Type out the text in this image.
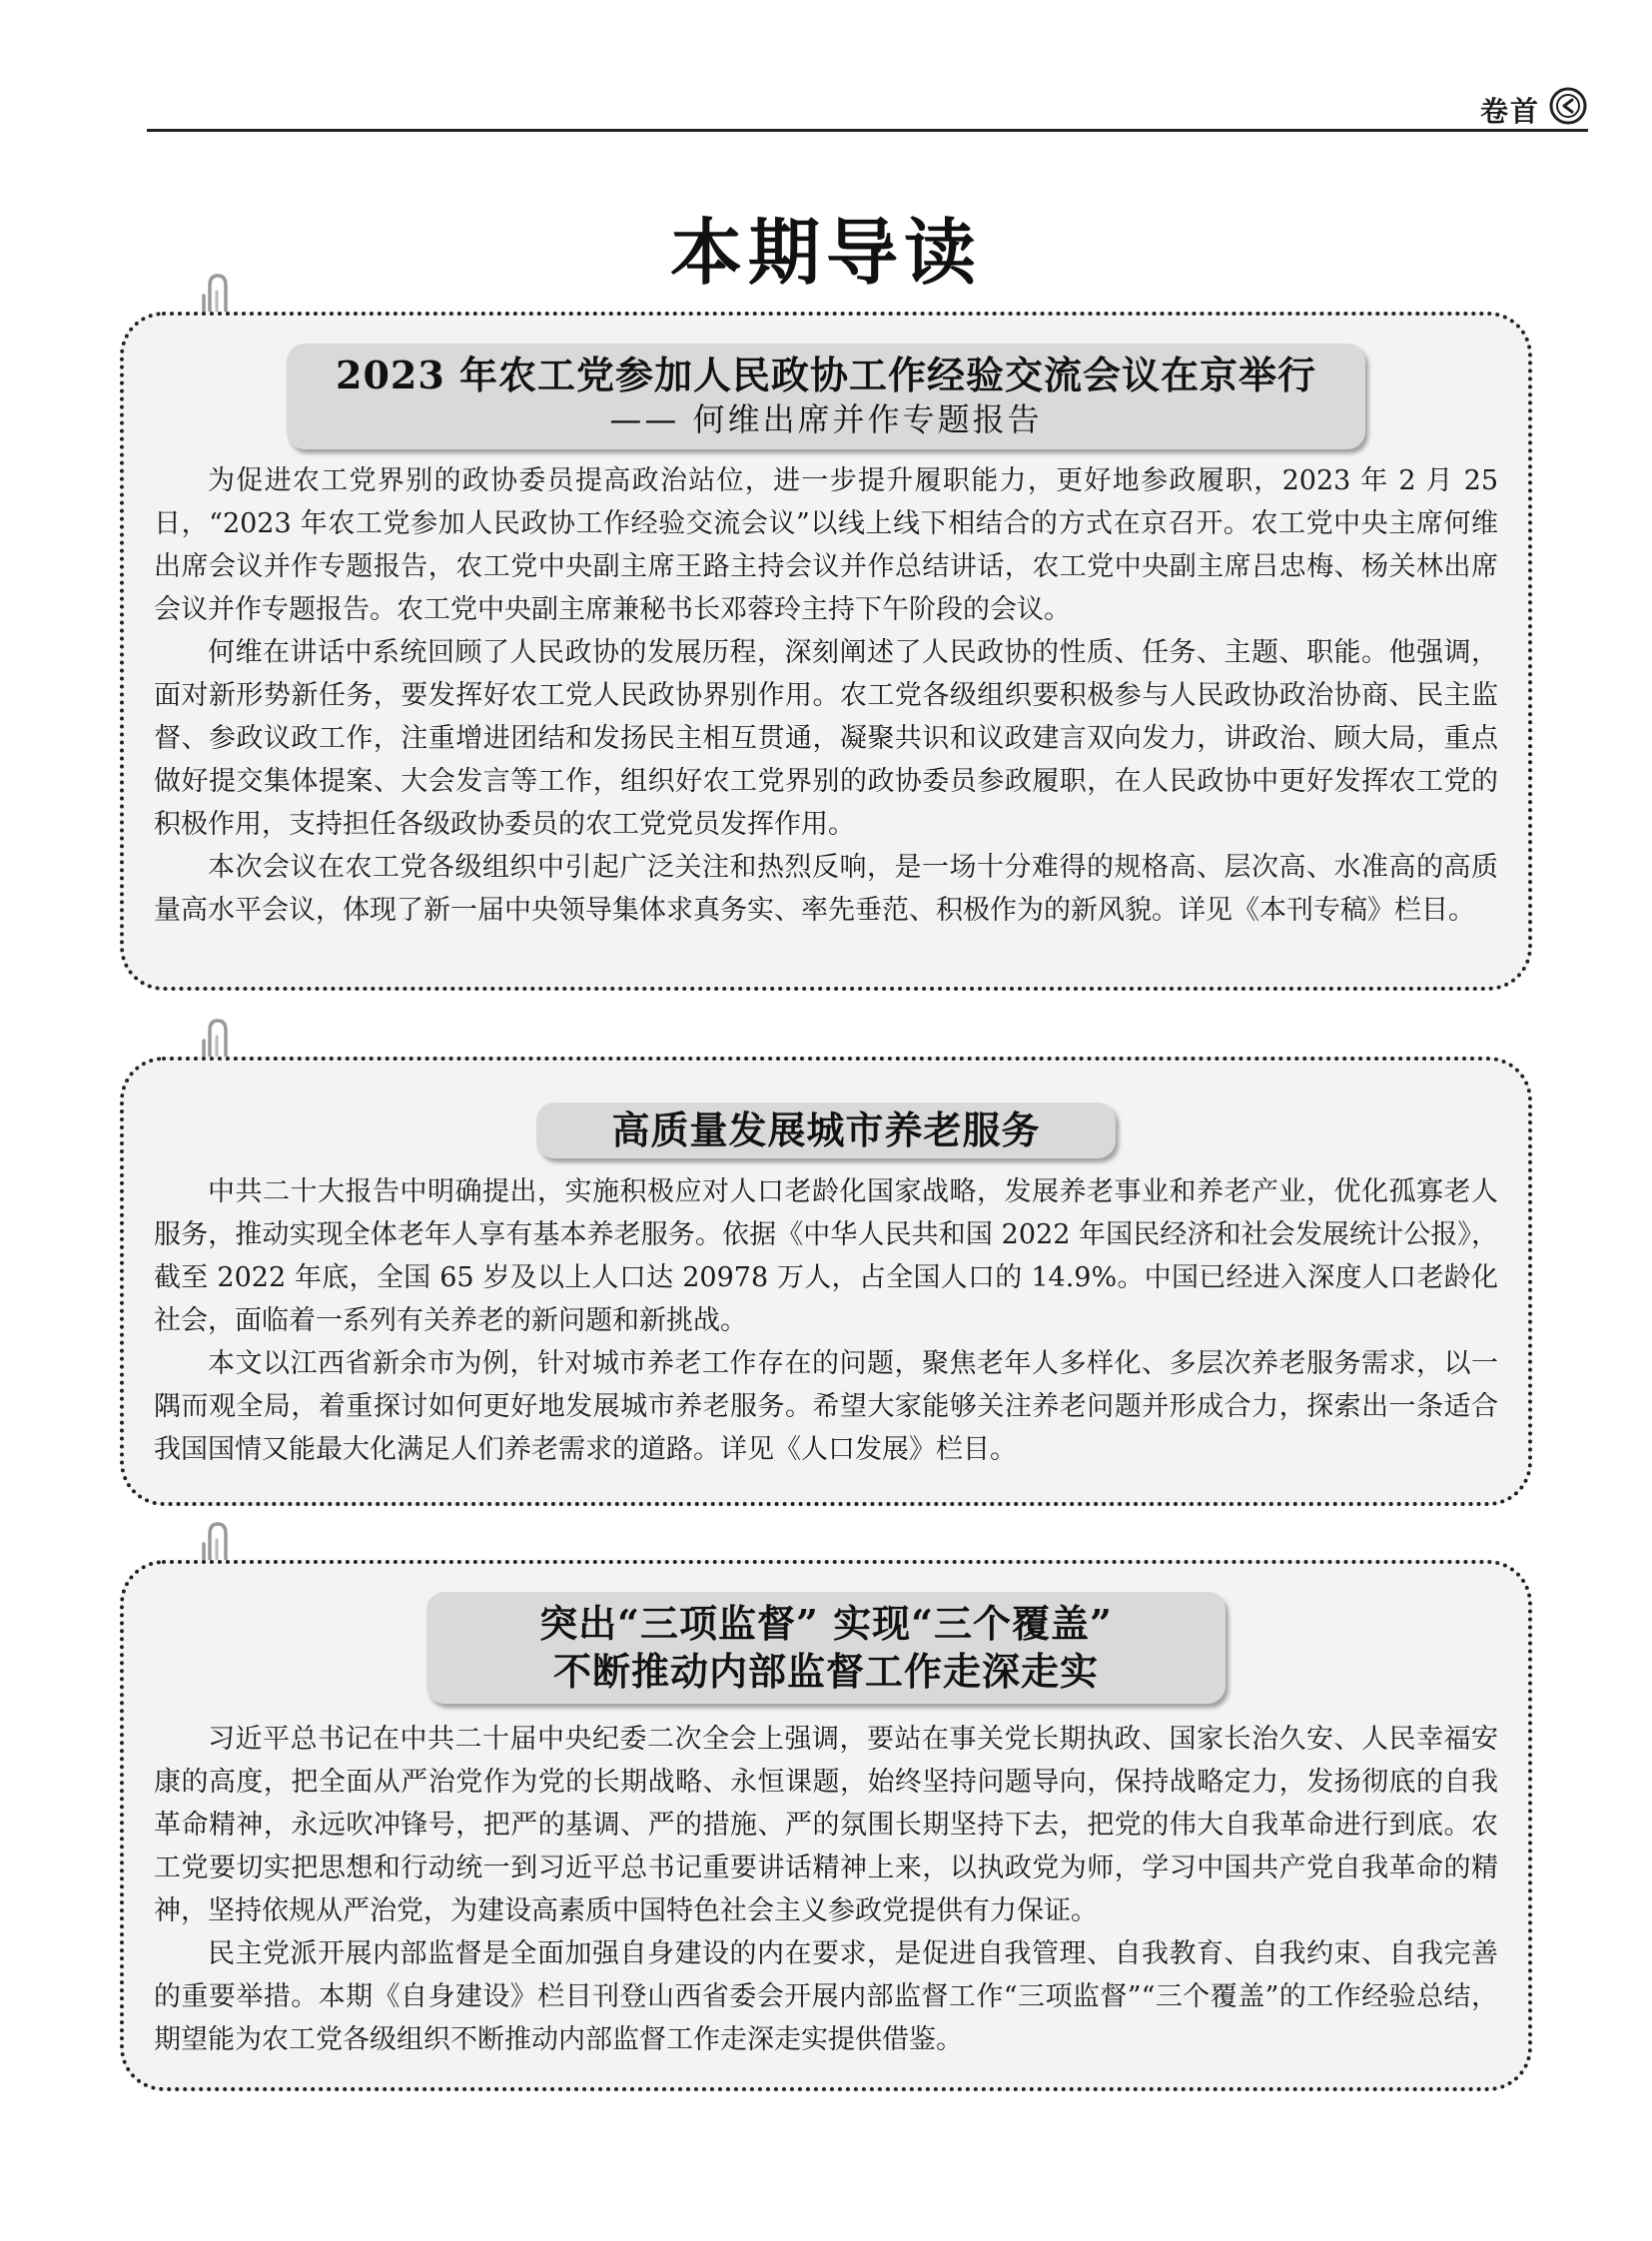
卷首
本期导读
2023 年农工党参加人民政协工作经验交流会议在京举行
—— 何维出席并作专题报告

为促进农工党界别的政协委员提高政治站位，进一步提升履职能力，更好地参政履职，2023 年 2 月 25 日，“2023 年农工党参加人民政协工作经验交流会议”以线上线下相结合的方式在京召开。农工党中央主席何维出席会议并作专题报告，农工党中央副主席王路主持会议并作总结讲话，农工党中央副主席吕忠梅、杨关林出席会议并作专题报告。农工党中央副主席兼秘书长邓蓉玲主持下午阶段的会议。

何维在讲话中系统回顾了人民政协的发展历程，深刻阐述了人民政协的性质、任务、主题、职能。他强调，面对新形势新任务，要发挥好农工党人民政协界别作用。农工党各级组织要积极参与人民政协政治协商、民主监督、参政议政工作，注重增进团结和发扬民主相互贯通，凝聚共识和议政建言双向发力，讲政治、顾大局，重点做好提交集体提案、大会发言等工作，组织好农工党界别的政协委员参政履职，在人民政协中更好发挥农工党的积极作用，支持担任各级政协委员的农工党党员发挥作用。

本次会议在农工党各级组织中引起广泛关注和热烈反响，是一场十分难得的规格高、层次高、水准高的高质量高水平会议，体现了新一届中央领导集体求真务实、率先垂范、积极作为的新风貌。详见《本刊专稿》栏目。

高质量发展城市养老服务

中共二十大报告中明确提出，实施积极应对人口老龄化国家战略，发展养老事业和养老产业，优化孤寡老人服务，推动实现全体老年人享有基本养老服务。依据《中华人民共和国 2022 年国民经济和社会发展统计公报》，截至 2022 年底，全国 65 岁及以上人口达 20978 万人，占全国人口的 14.9%。中国已经进入深度人口老龄化社会，面临着一系列有关养老的新问题和新挑战。

本文以江西省新余市为例，针对城市养老工作存在的问题，聚焦老年人多样化、多层次养老服务需求，以一隅而观全局，着重探讨如何更好地发展城市养老服务。希望大家能够关注养老问题并形成合力，探索出一条适合我国国情又能最大化满足人们养老需求的道路。详见《人口发展》栏目。

突出“三项监督” 实现“三个覆盖”
不断推动内部监督工作走深走实

习近平总书记在中共二十届中央纪委二次全会上强调，要站在事关党长期执政、国家长治久安、人民幸福安康的高度，把全面从严治党作为党的长期战略、永恒课题，始终坚持问题导向，保持战略定力，发扬彻底的自我革命精神，永远吹冲锋号，把严的基调、严的措施、严的氛围长期坚持下去，把党的伟大自我革命进行到底。农工党要切实把思想和行动统一到习近平总书记重要讲话精神上来，以执政党为师，学习中国共产党自我革命的精神，坚持依规从严治党，为建设高素质中国特色社会主义参政党提供有力保证。

民主党派开展内部监督是全面加强自身建设的内在要求，是促进自我管理、自我教育、自我约束、自我完善的重要举措。本期《自身建设》栏目刊登山西省委会开展内部监督工作“三项监督”“三个覆盖”的工作经验总结，期望能为农工党各级组织不断推动内部监督工作走深走实提供借鉴。
